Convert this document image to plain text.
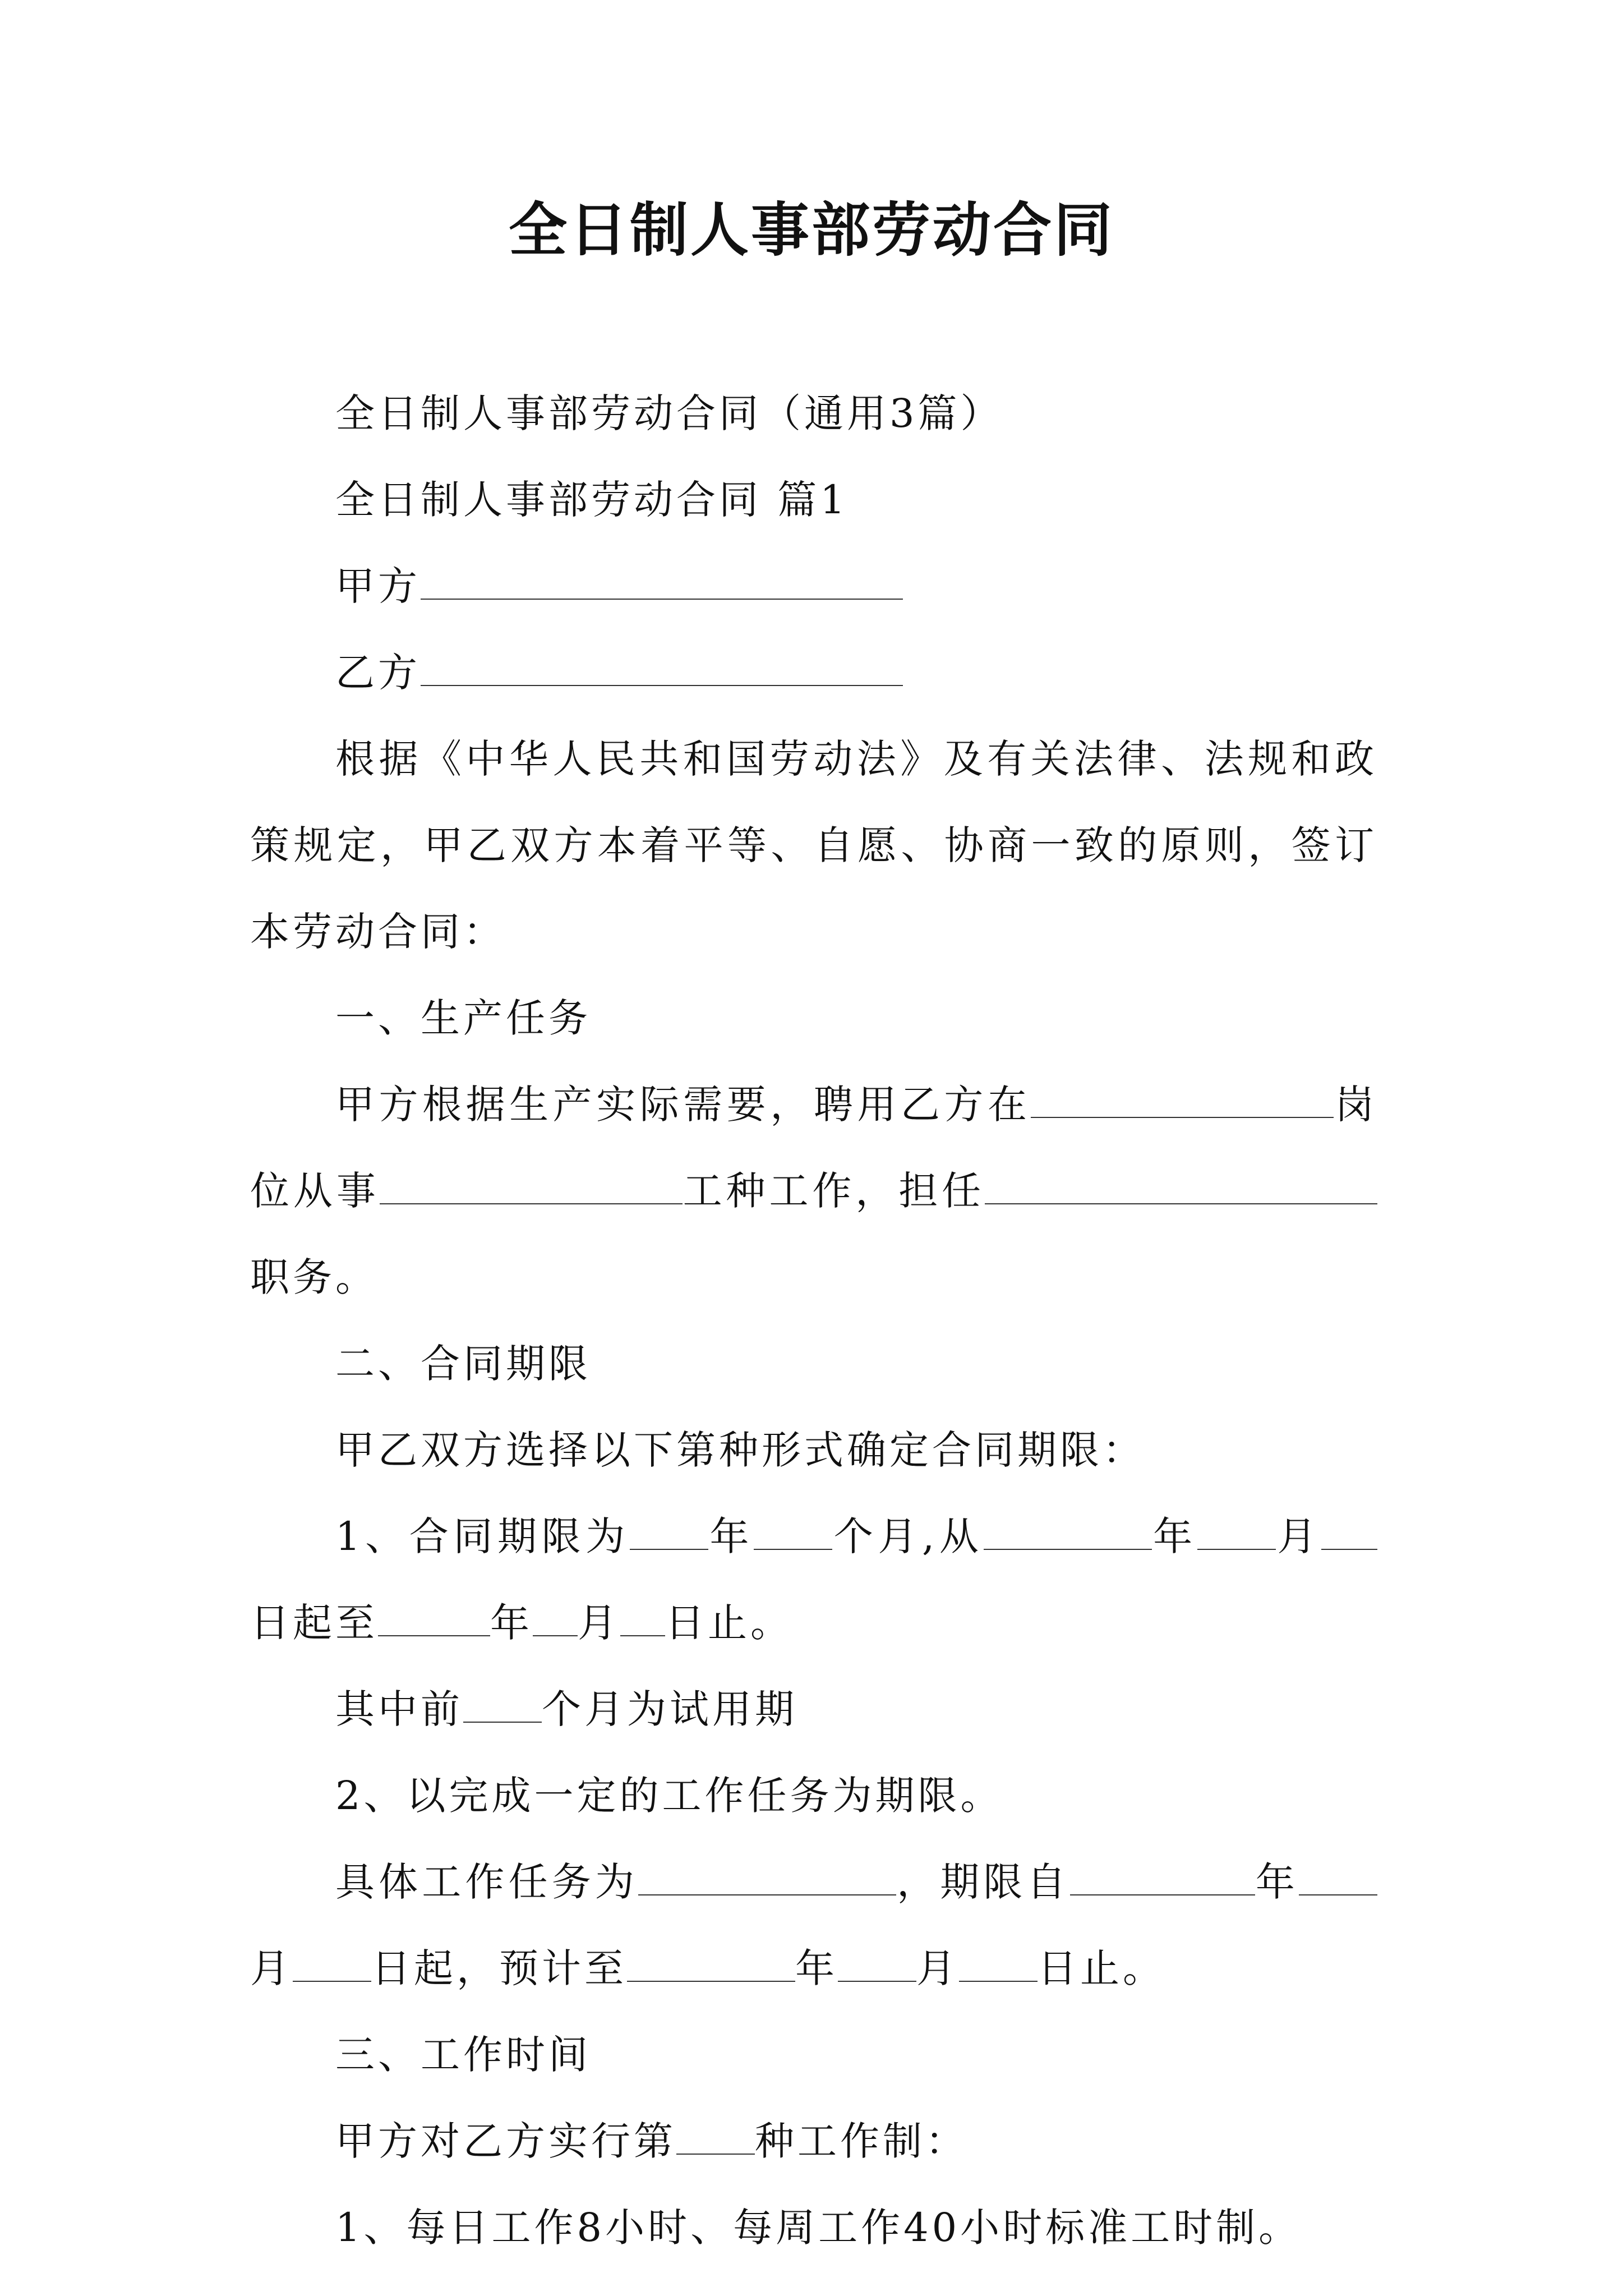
全日制人事部劳动合同

全日制人事部劳动合同（通用3篇）

全日制人事部劳动合同 篇1

甲方

乙方

根据《中华人民共和国劳动法》及有关法律、法规和政策规定，甲乙双方本着平等、自愿、协商一致的原则，签订本劳动合同：

一、生产任务

甲方根据生产实际需要，聘用乙方在	岗位从事	工种工作，担任职务。

二、合同期限

甲乙双方选择以下第种形式确定合同期限：

1、合同期限为 年 个月,从	年 月日起至	年 月 日止。

其中前 个月为试用期

2、以完成一定的工作任务为期限。

具体工作任务为	，期限自	年月 日起，预计至	年 月 日止。

三、工作时间

甲方对乙方实行第 种工作制：

1、每日工作8小时、每周工作40小时标准工时制。
